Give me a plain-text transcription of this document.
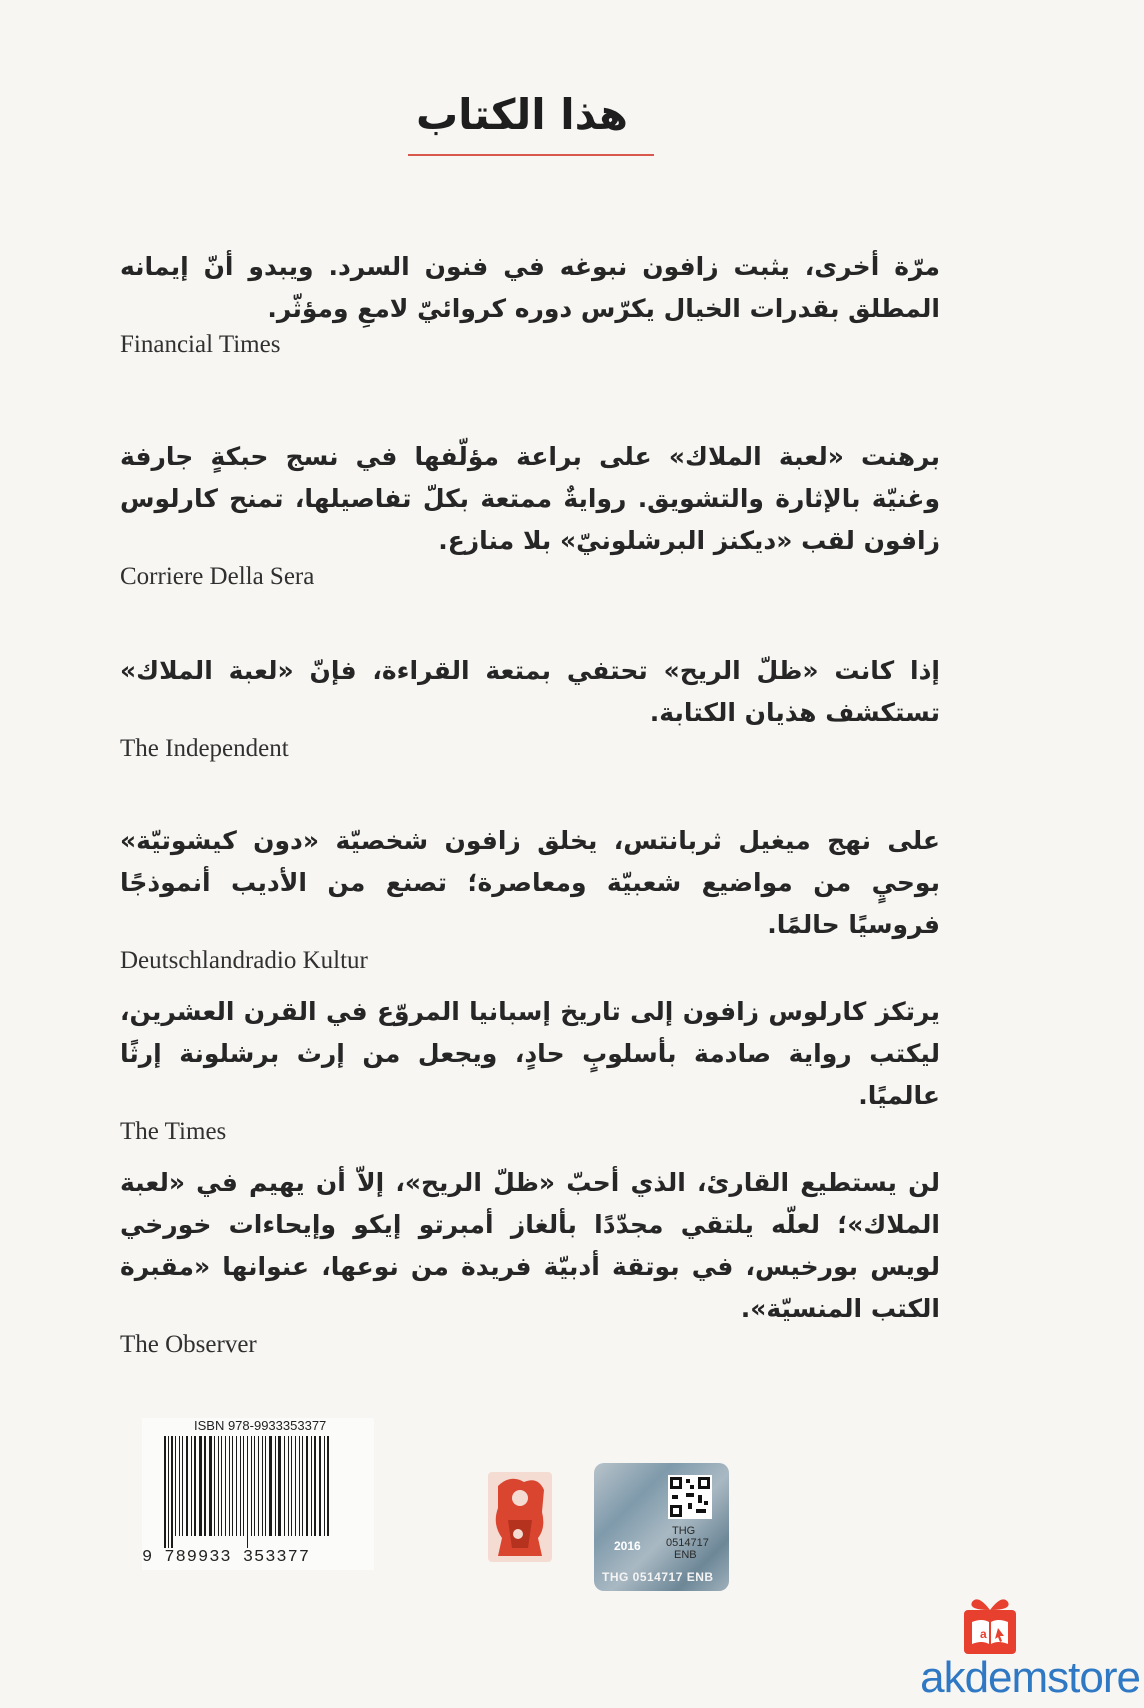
هذا الكتاب
مرّة أخرى، يثبت زافون نبوغه في فنون السرد. ويبدو أنّ إيمانه المطلق بقدرات الخيال يكرّس دوره كروائيّ لامعِ ومؤثّر.
Financial Times
برهنت «لعبة الملاك» على براعة مؤلّفها في نسج حبكةٍ جارفة وغنيّة بالإثارة والتشويق. روايةٌ ممتعة بكلّ تفاصيلها، تمنح كارلوس زافون لقب «ديكنز البرشلونيّ» بلا منازع.
Corriere Della Sera
إذا كانت «ظلّ الريح» تحتفي بمتعة القراءة، فإنّ «لعبة الملاك» تستكشف هذيان الكتابة.
The Independent
على نهج ميغيل ثربانتس، يخلق زافون شخصيّة «دون كيشوتيّة» بوحيٍ من مواضيع شعبيّة ومعاصرة؛ تصنع من الأديب أنموذجًا فروسيًا حالمًا.
Deutschlandradio Kultur
يرتكز كارلوس زافون إلى تاريخ إسبانيا المروّع في القرن العشرين، ليكتب رواية صادمة بأسلوبٍ حادٍ، ويجعل من إرث برشلونة إرثًا عالميًا.
The Times
لن يستطيع القارئ، الذي أحبّ «ظلّ الريح»، إلاّ أن يهيم في «لعبة الملاك»؛ لعلّه يلتقي مجدّدًا بألغاز أمبرتو إيكو وإيحاءات خورخي لويس بورخيس، في بوتقة أدبيّة فريدة من نوعها، عنوانها «مقبرة الكتب المنسيّة».
The Observer
ISBN 978-9933353377
9 789933 353377
THG
0514717
ENB
2016
THG 0514717 ENB
a
akdemstore
